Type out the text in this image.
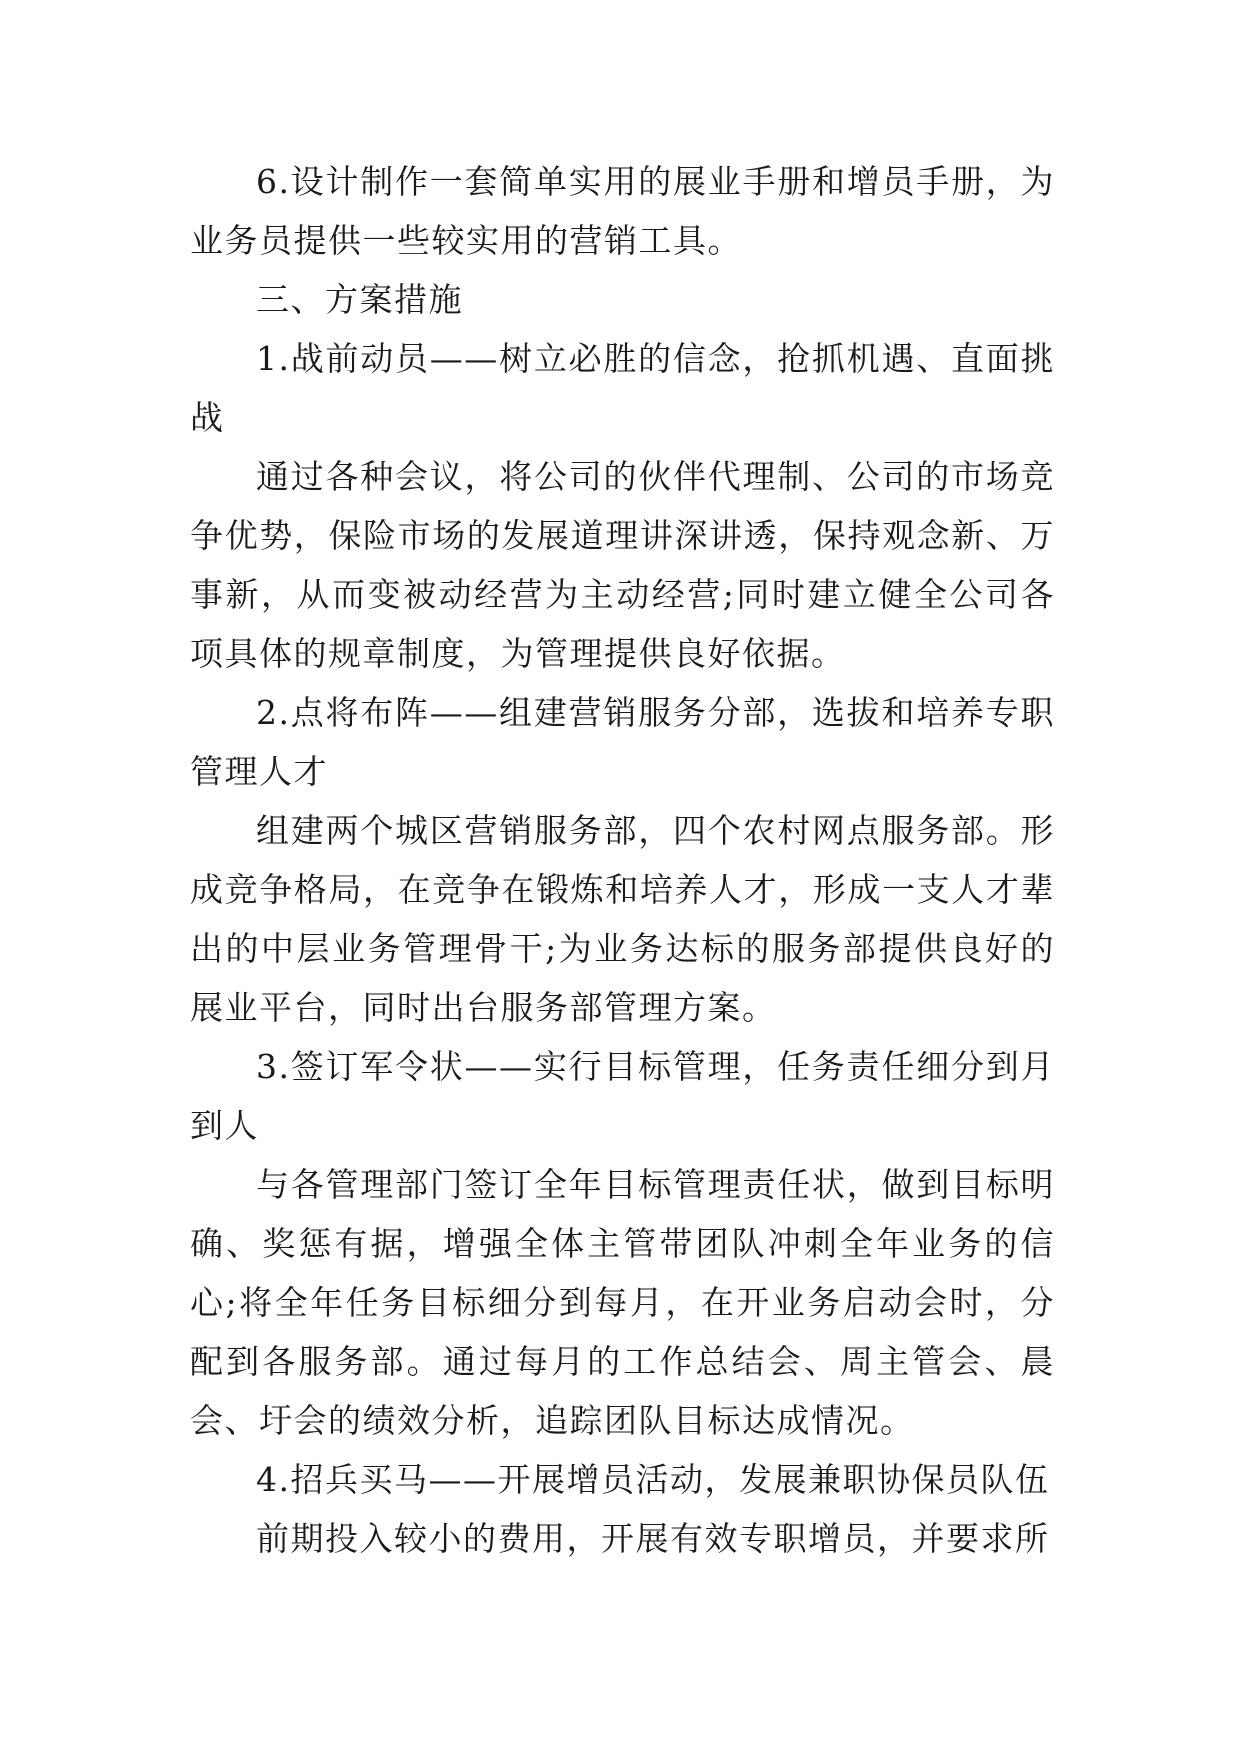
6.设计制作一套简单实用的展业手册和增员手册，为业务员提供一些较实用的营销工具。

三、方案措施

1.战前动员——树立必胜的信念，抢抓机遇、直面挑战

通过各种会议，将公司的伙伴代理制、公司的市场竞争优势，保险市场的发展道理讲深讲透，保持观念新、万事新，从而变被动经营为主动经营;同时建立健全公司各项具体的规章制度，为管理提供良好依据。

2.点将布阵——组建营销服务分部，选拔和培养专职管理人才

组建两个城区营销服务部，四个农村网点服务部。形成竞争格局，在竞争在锻炼和培养人才，形成一支人才辈出的中层业务管理骨干;为业务达标的服务部提供良好的展业平台，同时出台服务部管理方案。

3.签订军令状——实行目标管理，任务责任细分到月到人

与各管理部门签订全年目标管理责任状，做到目标明确、奖惩有据，增强全体主管带团队冲刺全年业务的信心;将全年任务目标细分到每月，在开业务启动会时，分配到各服务部。通过每月的工作总结会、周主管会、晨会、圩会的绩效分析，追踪团队目标达成情况。

4.招兵买马——开展增员活动，发展兼职协保员队伍

前期投入较小的费用，开展有效专职增员，并要求所
